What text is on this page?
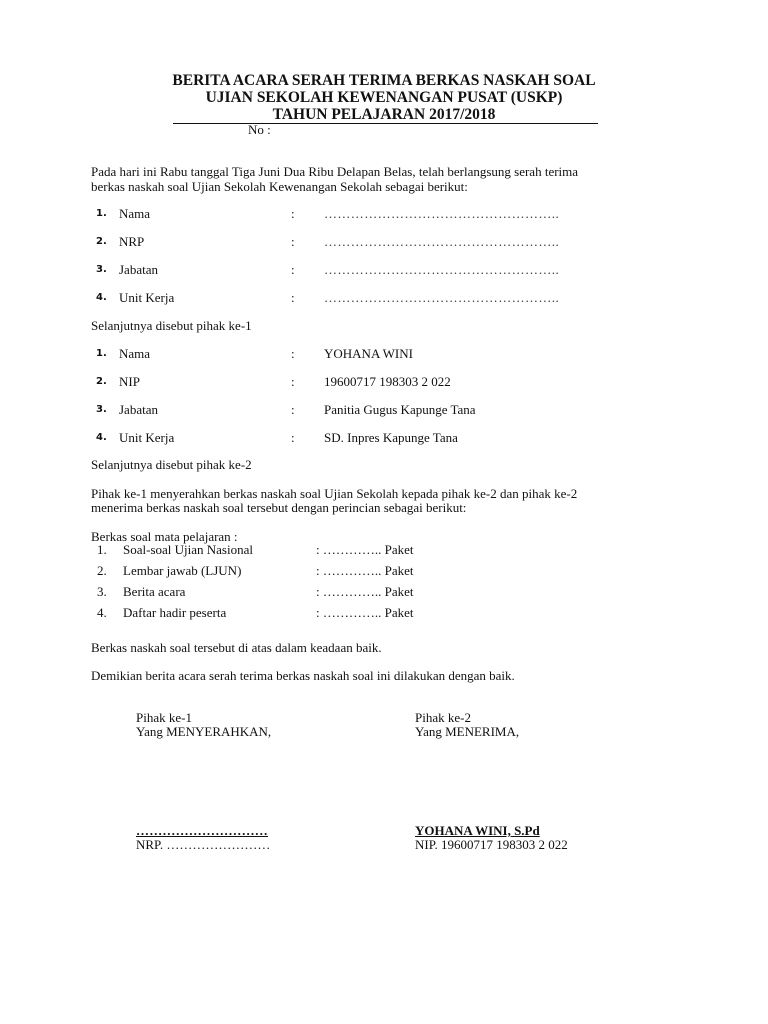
BERITA ACARA SERAH TERIMA BERKAS NASKAH SOAL
UJIAN SEKOLAH KEWENANGAN PUSAT (USKP)
TAHUN PELAJARAN 2017/2018
No :
Pada hari ini Rabu tanggal Tiga Juni Dua Ribu Delapan Belas, telah berlangsung serah terima
berkas naskah soal Ujian Sekolah Kewenangan Sekolah sebagai berikut:
1. Nama	: ……………………………………………..
2. NRP	: ……………………………………………..
3. Jabatan	: ……………………………………………..
4. Unit Kerja	: ……………………………………………..
Selanjutnya disebut pihak ke-1
1. Nama	: YOHANA WINI
2. NIP	: 19600717 198303 2 022
3. Jabatan	: Panitia Gugus Kapunge Tana
4. Unit Kerja	: SD. Inpres Kapunge Tana
Selanjutnya disebut pihak ke-2
Pihak ke-1 menyerahkan berkas naskah soal Ujian Sekolah kepada pihak ke-2 dan pihak ke-2
menerima berkas naskah soal tersebut dengan perincian sebagai berikut:
Berkas soal mata pelajaran :
1. Soal-soal Ujian Nasional	: ………….. Paket
2. Lembar jawab (LJUN)	: ………….. Paket
3. Berita acara	: ………….. Paket
4. Daftar hadir peserta	: ………….. Paket
Berkas naskah soal tersebut di atas dalam keadaan baik.
Demikian berita acara serah terima berkas naskah soal ini dilakukan dengan baik.
Pihak ke-1
Yang MENYERAHKAN,
…………………………
NRP. ……………………
Pihak ke-2
Yang MENERIMA,
YOHANA WINI, S.Pd
NIP. 19600717 198303 2 022
